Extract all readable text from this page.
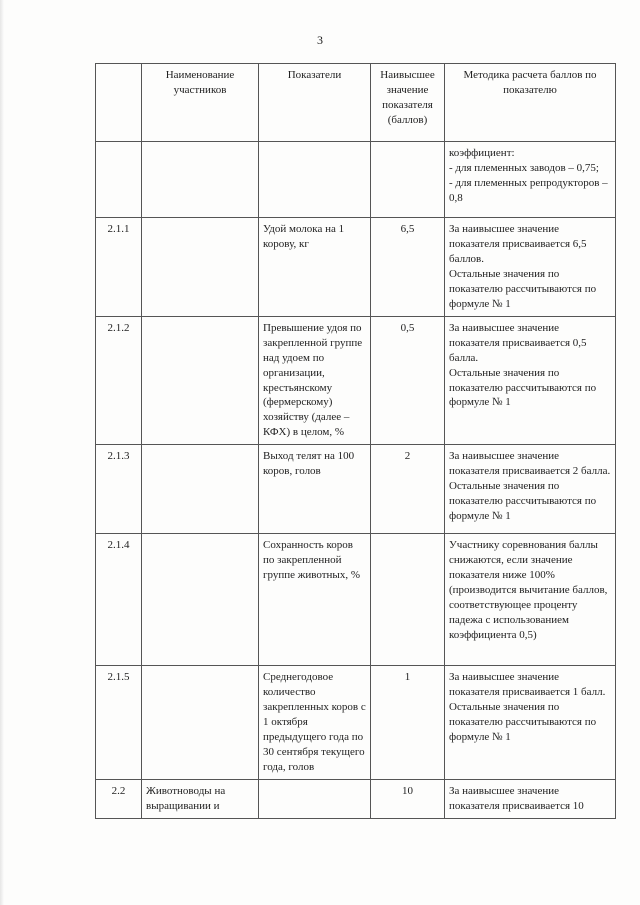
3
	Наименование участников	Показатели	Наивысшее значение показателя (баллов)	Методика расчета баллов по показателю
				коэффициент:
- для племенных заводов – 0,75;
- для племенных репродукторов – 0,8
2.1.1		Удой молока на 1 корову, кг	6,5	За наивысшее значение показателя присваивается 6,5 баллов.
Остальные значения по показателю рассчитываются по формуле № 1
2.1.2		Превышение удоя по закрепленной группе над удоем по организации, крестьянскому (фермерскому) хозяйству (далее – КФХ) в целом, %	0,5	За наивысшее значение показателя присваивается 0,5 балла.
Остальные значения по показателю рассчитываются по формуле № 1
2.1.3		Выход телят на 100 коров, голов	2	За наивысшее значение показателя присваивается 2 балла.
Остальные значения по показателю рассчитываются по формуле № 1
2.1.4		Сохранность коров по закрепленной группе животных, %		Участнику соревнования баллы снижаются, если значение показателя ниже 100% (производится вычитание баллов, соответствующее проценту падежа с использованием коэффициента 0,5)
2.1.5		Среднегодовое количество закрепленных коров с 1 октября предыдущего года по 30 сентября текущего года, голов	1	За наивысшее значение показателя присваивается 1 балл.
Остальные значения по показателю рассчитываются по формуле № 1
2.2	Животноводы на выращивании и		10	За наивысшее значение показателя присваивается 10
